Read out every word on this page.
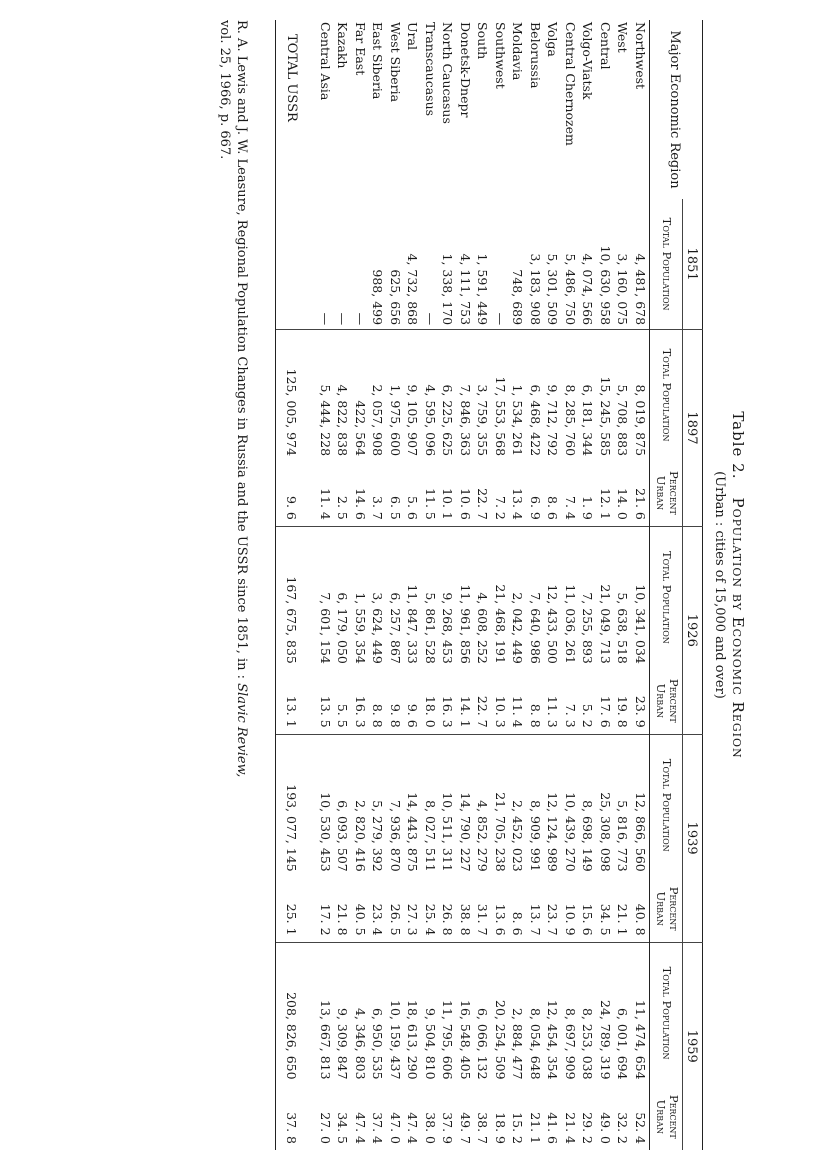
Table 2.Population by Economic Region
(Urban : cities of 15,000 and over)
Major Economic Region	1851	1897		1926		1939		1959	
	Total Population	Total Population	Percent Urban	Total Population	Percent Urban	Total Population	Percent Urban	Total Population	Percent Urban
Northwest	4, 481, 678	8, 019, 875	21. 6	10, 341, 034	23. 9	12, 866, 560	40. 8	11, 474, 654	52. 4
West	3, 160, 075	5, 708, 883	14. 0	5, 638, 518	19. 8	5, 816, 773	21. 1	6, 001, 694	32. 2
Central	10, 630, 958	15, 245, 585	12. 1	21, 049, 713	17. 6	25, 308, 098	34. 5	24, 789, 319	49. 0
Volgo-Viatsk	4, 074, 566	6, 181, 344	1. 9	7, 255, 893	5. 2	8, 698, 149	15. 6	8, 253, 038	29. 2
Central Chernozem	5, 486, 750	8, 285, 760	7. 4	11, 036, 261	7. 3	10, 439, 270	10. 9	8, 697, 909	21. 4
Volga	5, 301, 509	9, 712, 792	8. 6	12, 433, 500	11. 3	12, 124, 989	23. 7	12, 454, 354	41. 6
Belorussia	3, 183, 908	6, 468, 422	6. 9	7, 640, 986	8. 8	8, 909, 991	13. 7	8, 054, 648	21. 1
Moldavia	748, 689	1, 534, 261	13. 4	2, 042, 449	11. 4	2, 452, 023	8. 6	2, 884, 477	15. 2
Southwest	—	17, 553, 568	7. 2	21, 468, 191	10. 3	21, 705, 238	13. 6	20, 254, 509	18. 9
South	1, 591, 449	3, 759, 355	22. 7	4, 608, 252	22. 7	4, 852, 279	31. 7	6, 066, 132	38. 7
Donetsk-Dnepr	4, 111, 753	7, 846, 363	10. 6	11, 961, 856	14. 1	14, 790, 227	38. 8	16, 548, 405	49. 7
North Caucasus	1, 338, 170	6, 225, 625	10. 1	9, 268, 453	16. 3	10, 511, 311	26. 8	11, 795, 606	37. 9
Transcaucasus	—	4, 595, 096	11. 5	5, 861, 528	18. 0	8, 027, 511	25. 4	9, 504, 810	38. 0
Ural	4, 732, 868	9, 105, 907	5. 6	11, 847, 333	9. 6	14, 443, 875	27. 3	18, 613, 290	47. 4
West Siberia	625, 656	1, 975, 600	6. 5	6, 257, 867	9. 8	7, 936, 870	26. 5	10, 159, 437	47. 0
East Siberia	988, 499	2, 057, 908	3. 7	3, 624, 449	8. 8	5, 279, 392	23. 4	6, 950, 535	37. 4
Far East	—	422, 564	14. 6	1, 559, 354	16. 3	2, 820, 416	40. 5	4, 346, 803	47. 4
Kazakh	—	4, 822, 838	2. 5	6, 179, 050	5. 5	6, 093, 507	21. 8	9, 309, 847	34. 5
Central Asia	—	5, 444, 228	11. 4	7, 601, 154	13. 5	10, 530, 453	17. 2	13, 667, 813	27. 0
TOTAL USSR		125, 005, 974	9. 6	167, 675, 835	13. 1	193, 077, 145	25. 1	208, 826, 650	37. 8

R. A. Lewis and J. W. Leasure, Regional Population Changes in Russia and the USSR since 1851, in : Slavic Review,
vol. 25, 1966, p. 667.
